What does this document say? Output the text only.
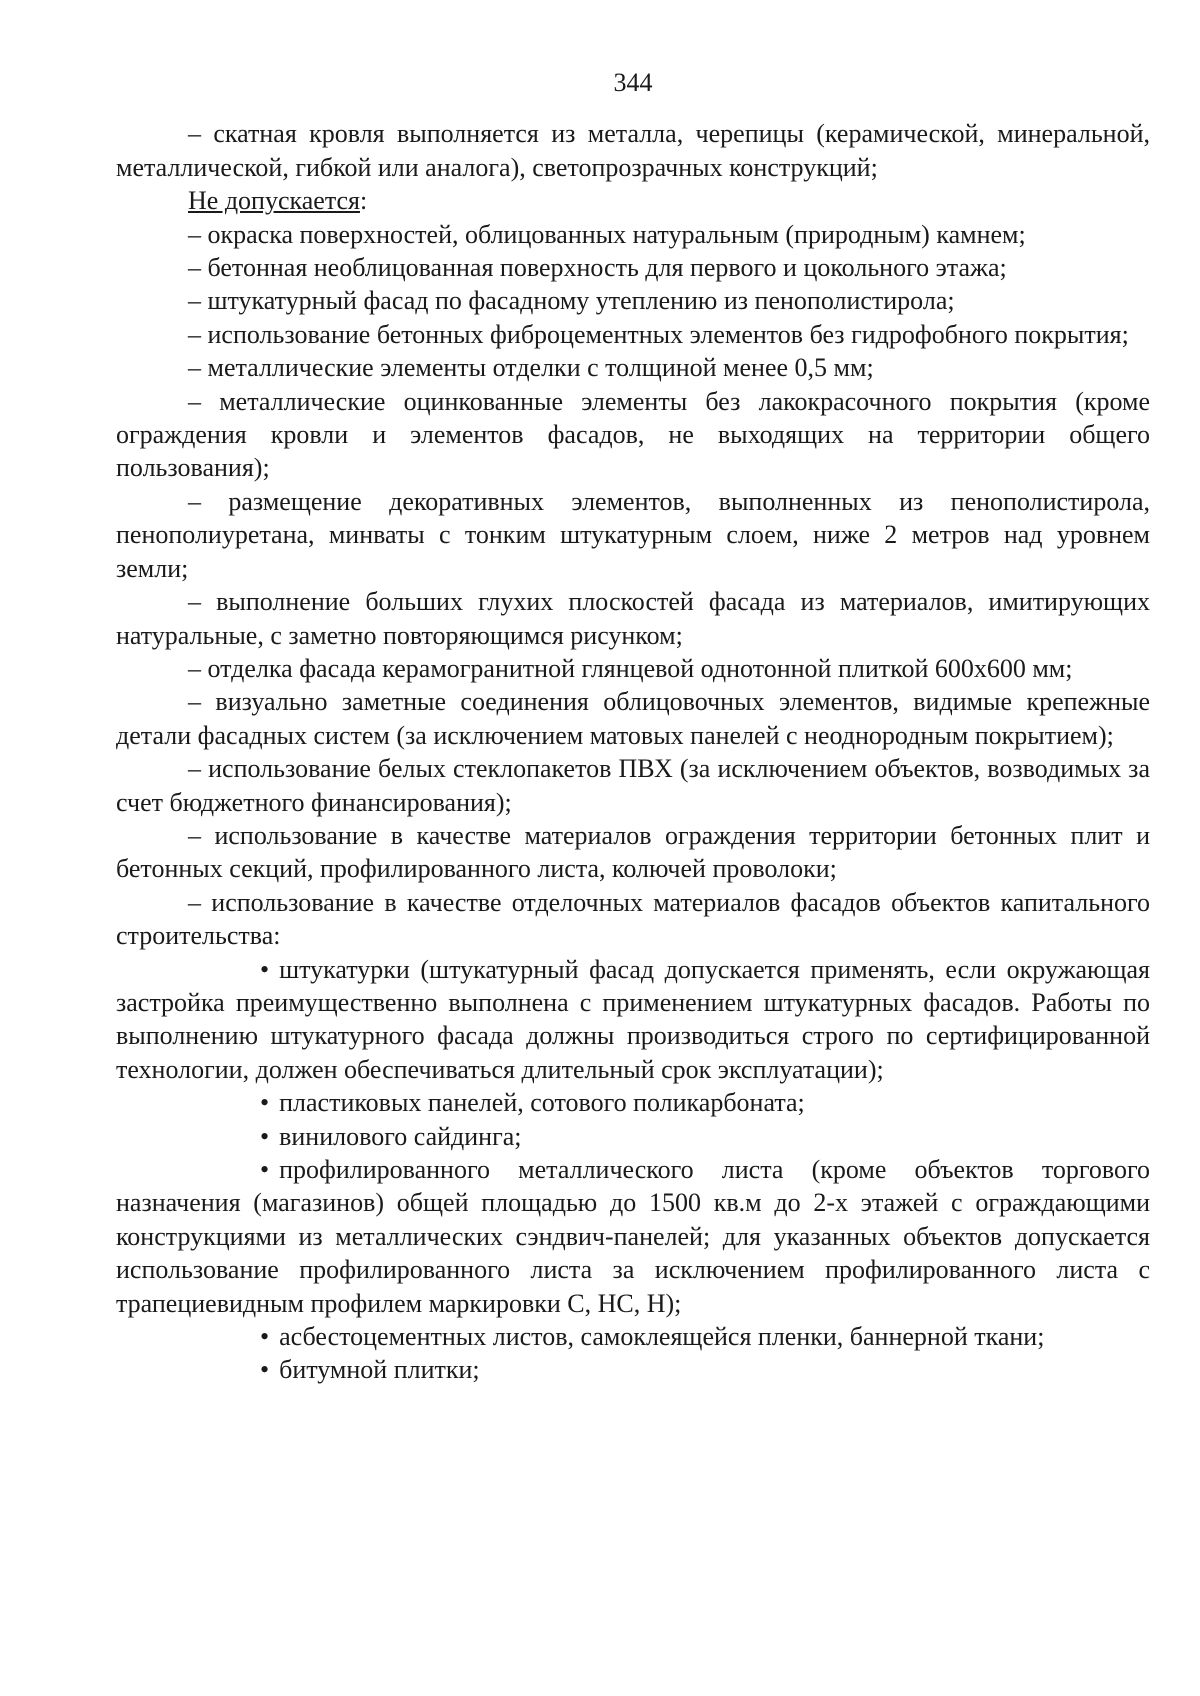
344

– скатная кровля выполняется из металла, черепицы (керамической, минеральной, металлической, гибкой или аналога), светопрозрачных конструкций;

Не допускается:

– окраска поверхностей, облицованных натуральным (природным) камнем;

– бетонная необлицованная поверхность для первого и цокольного этажа;

– штукатурный фасад по фасадному утеплению из пенополистирола;

– использование бетонных фиброцементных элементов без гидрофобного покрытия;

– металлические элементы отделки с толщиной менее 0,5 мм;

– металлические оцинкованные элементы без лакокрасочного покрытия (кроме ограждения кровли и элементов фасадов, не выходящих на территории общего пользования);

– размещение декоративных элементов, выполненных из пенополистирола, пенополиуретана, минваты с тонким штукатурным слоем, ниже 2 метров над уровнем земли;

– выполнение больших глухих плоскостей фасада из материалов, имитирующих натуральные, с заметно повторяющимся рисунком;

– отделка фасада керамогранитной глянцевой однотонной плиткой 600х600 мм;

– визуально заметные соединения облицовочных элементов, видимые крепежные детали фасадных систем (за исключением матовых панелей с неоднородным покрытием);

– использование белых стеклопакетов ПВХ (за исключением объектов, возводимых за счет бюджетного финансирования);

– использование в качестве материалов ограждения территории бетонных плит и бетонных секций, профилированного листа, колючей проволоки;

– использование в качестве отделочных материалов фасадов объектов капитального строительства:

• штукатурки (штукатурный фасад допускается применять, если окружающая застройка преимущественно выполнена с применением штукатурных фасадов. Работы по выполнению штукатурного фасада должны производиться строго по сертифицированной технологии, должен обеспечиваться длительный срок эксплуатации);

• пластиковых панелей, сотового поликарбоната;

• винилового сайдинга;

• профилированного металлического листа (кроме объектов торгового назначения (магазинов) общей площадью до 1500 кв.м до 2-х этажей с ограждающими конструкциями из металлических сэндвич-панелей; для указанных объектов допускается использование профилированного листа за исключением профилированного листа с трапециевидным профилем маркировки С, НС, Н);

• асбестоцементных листов, самоклеящейся пленки, баннерной ткани;

• битумной плитки;
